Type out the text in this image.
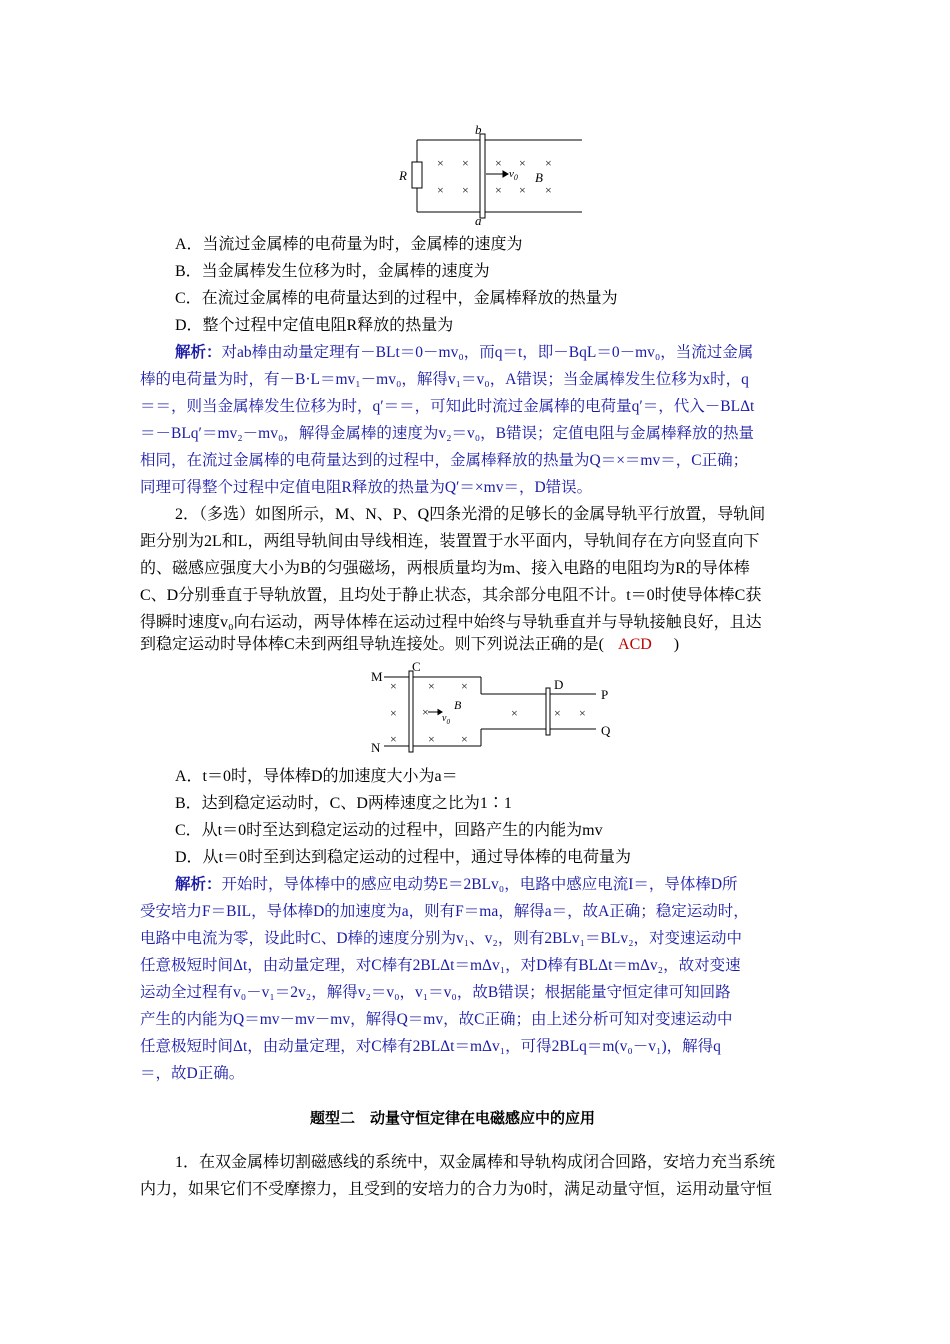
b
a
R	$v_0$ B
× × × × ×
× × × × ×
A．当流过金属棒的电荷量为时，金属棒的速度为
B．当金属棒发生位移为时，金属棒的速度为
C．在流过金属棒的电荷量达到的过程中，金属棒释放的热量为
D．整个过程中定值电阻R释放的热量为
解析：对ab棒由动量定理有－BLt＝0－mv₀，而q＝t，即－BqL＝0－mv₀，当流过金属
棒的电荷量为时，有－B·L＝mv₁－mv₀，解得v₁＝v₀，A错误；当金属棒发生位移为x时，q
＝＝，则当金属棒发生位移为时，q′＝＝，可知此时流过金属棒的电荷量q′＝，代入－BLΔt
＝－BLq′＝mv₂－mv₀，解得金属棒的速度为v₂＝v₀，B错误；定值电阻与金属棒释放的热量
相同，在流过金属棒的电荷量达到的过程中，金属棒释放的热量为Q＝×＝mv＝，C正确；
同理可得整个过程中定值电阻R释放的热量为Q′＝×mv＝，D错误。
2．（多选）如图所示，M、N、P、Q四条光滑的足够长的金属导轨平行放置，导轨间
距分别为2L和L，两组导轨间由导线相连，装置置于水平面内，导轨间存在方向竖直向下
的、磁感应强度大小为B的匀强磁场，两根质量均为m、接入电路的电阻均为R的导体棒
C、D分别垂直于导轨放置，且均处于静止状态，其余部分电阻不计。t＝0时使导体棒C获
得瞬时速度v₀向右运动，两导体棒在运动过程中始终与导轨垂直并与导轨接触良好，且达
到稳定运动时导体棒C未到两组导轨连接处。则下列说法正确的是( ACD )
M
N
C
D
P
Q
B
$v_0$
×	× ×
× ×	×	× ×
×	× ×
A．t＝0时，导体棒D的加速度大小为a＝
B．达到稳定运动时，C、D两棒速度之比为1∶1
C．从t＝0时至达到稳定运动的过程中，回路产生的内能为mv
D．从t＝0时至到达到稳定运动的过程中，通过导体棒的电荷量为
解析：开始时，导体棒中的感应电动势E＝2BLv₀，电路中感应电流I＝，导体棒D所
受安培力F＝BIL，导体棒D的加速度为a，则有F＝ma，解得a＝，故A正确；稳定运动时，
电路中电流为零，设此时C、D棒的速度分别为v₁、v₂，则有2BLv₁＝BLv₂，对变速运动中
任意极短时间Δt，由动量定理，对C棒有2BLΔt＝mΔv₁，对D棒有BLΔt＝mΔv₂，故对变速
运动全过程有v₀－v₁＝2v₂，解得v₂＝v₀，v₁＝v₀，故B错误；根据能量守恒定律可知回路
产生的内能为Q＝mv－mv－mv，解得Q＝mv，故C正确；由上述分析可知对变速运动中
任意极短时间Δt，由动量定理，对C棒有2BLΔt＝mΔv₁，可得2BLq＝m(v₀－v₁)，解得q
＝，故D正确。
题型二　动量守恒定律在电磁感应中的应用
1．在双金属棒切割磁感线的系统中，双金属棒和导轨构成闭合回路，安培力充当系统
内力，如果它们不受摩擦力，且受到的安培力的合力为0时，满足动量守恒，运用动量守恒
